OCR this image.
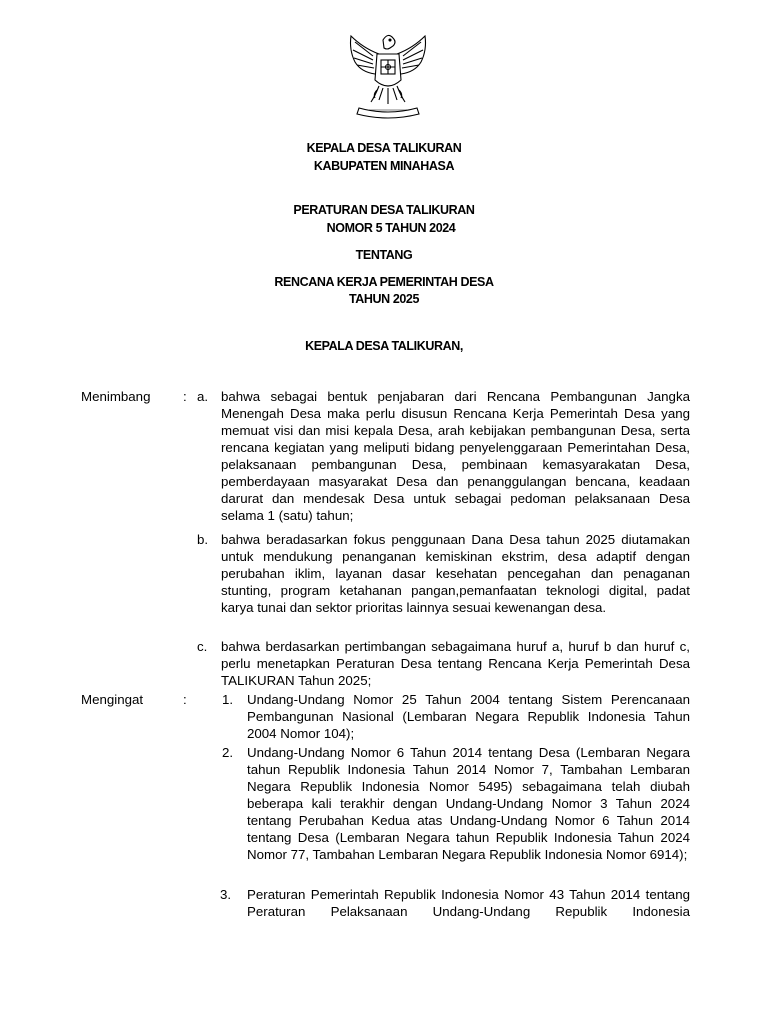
KEPALA DESA TALIKURAN
KABUPATEN MINAHASA
PERATURAN DESA TALIKURAN
NOMOR 5 TAHUN 2024
TENTANG
RENCANA KERJA PEMERINTAH DESA
TAHUN 2025
KEPALA DESA TALIKURAN,
Menimbang : a. bahwa sebagai bentuk penjabaran dari Rencana Pembangunan Jangka Menengah Desa maka perlu disusun Rencana Kerja Pemerintah Desa yang memuat visi dan misi kepala Desa, arah kebijakan pembangunan Desa, serta rencana kegiatan yang meliputi bidang penyelenggaraan Pemerintahan Desa, pelaksanaan pembangunan Desa, pembinaan kemasyarakatan Desa, pemberdayaan masyarakat Desa dan penanggulangan bencana, keadaan darurat dan mendesak Desa untuk sebagai pedoman pelaksanaan Desa selama 1 (satu) tahun;

b. bahwa beradasarkan fokus penggunaan Dana Desa tahun 2025 diutamakan untuk mendukung penanganan kemiskinan ekstrim, desa adaptif dengan perubahan iklim, layanan dasar kesehatan pencegahan dan penaganan stunting, program ketahanan pangan,pemanfaatan teknologi digital, padat karya tunai dan sektor prioritas lainnya sesuai kewenangan desa.

c. bahwa berdasarkan pertimbangan sebagaimana huruf a, huruf b dan huruf c, perlu menetapkan Peraturan Desa tentang Rencana Kerja Pemerintah Desa TALIKURAN Tahun 2025;

Mengingat	:	1. Undang-Undang Nomor 25 Tahun 2004 tentang Sistem Perencanaan Pembangunan Nasional (Lembaran Negara Republik Indonesia Tahun 2004 Nomor 104);

2. Undang-Undang Nomor 6 Tahun 2014 tentang Desa (Lembaran Negara tahun Republik Indonesia Tahun 2014 Nomor 7, Tambahan Lembaran Negara Republik Indonesia Nomor 5495) sebagaimana telah diubah beberapa kali terakhir dengan Undang-Undang Nomor 3 Tahun 2024 tentang Perubahan Kedua atas Undang-Undang Nomor 6 Tahun 2014 tentang Desa (Lembaran Negara tahun Republik Indonesia Tahun 2024 Nomor 77, Tambahan Lembaran Negara Republik Indonesia Nomor 6914);

3. Peraturan Pemerintah Republik Indonesia Nomor 43 Tahun 2014 tentang Peraturan Pelaksanaan Undang-Undang Republik Indonesia
